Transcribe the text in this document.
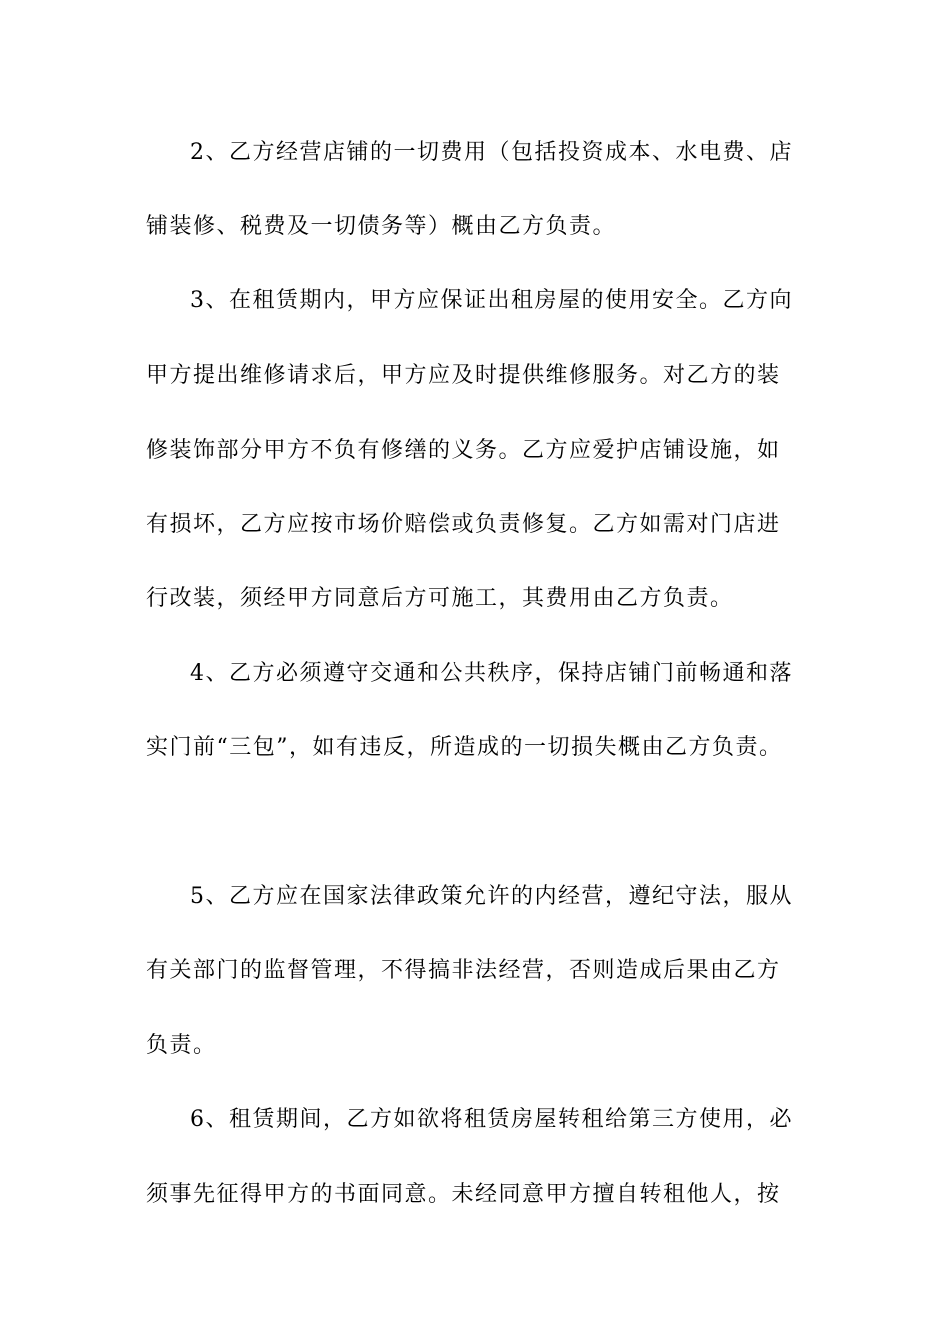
2、乙方经营店铺的一切费用（包括投资成本、水电费、店
铺装修、税费及一切债务等）概由乙方负责。
3、在租赁期内，甲方应保证出租房屋的使用安全。乙方向
甲方提出维修请求后，甲方应及时提供维修服务。对乙方的装
修装饰部分甲方不负有修缮的义务。乙方应爱护店铺设施，如
有损坏，乙方应按市场价赔偿或负责修复。乙方如需对门店进
行改装，须经甲方同意后方可施工，其费用由乙方负责。
4、乙方必须遵守交通和公共秩序，保持店铺门前畅通和落
实门前“三包”，如有违反，所造成的一切损失概由乙方负责。
5、乙方应在国家法律政策允许的内经营，遵纪守法，服从
有关部门的监督管理，不得搞非法经营，否则造成后果由乙方
负责。
6、租赁期间，乙方如欲将租赁房屋转租给第三方使用，必
须事先征得甲方的书面同意。未经同意甲方擅自转租他人，按
